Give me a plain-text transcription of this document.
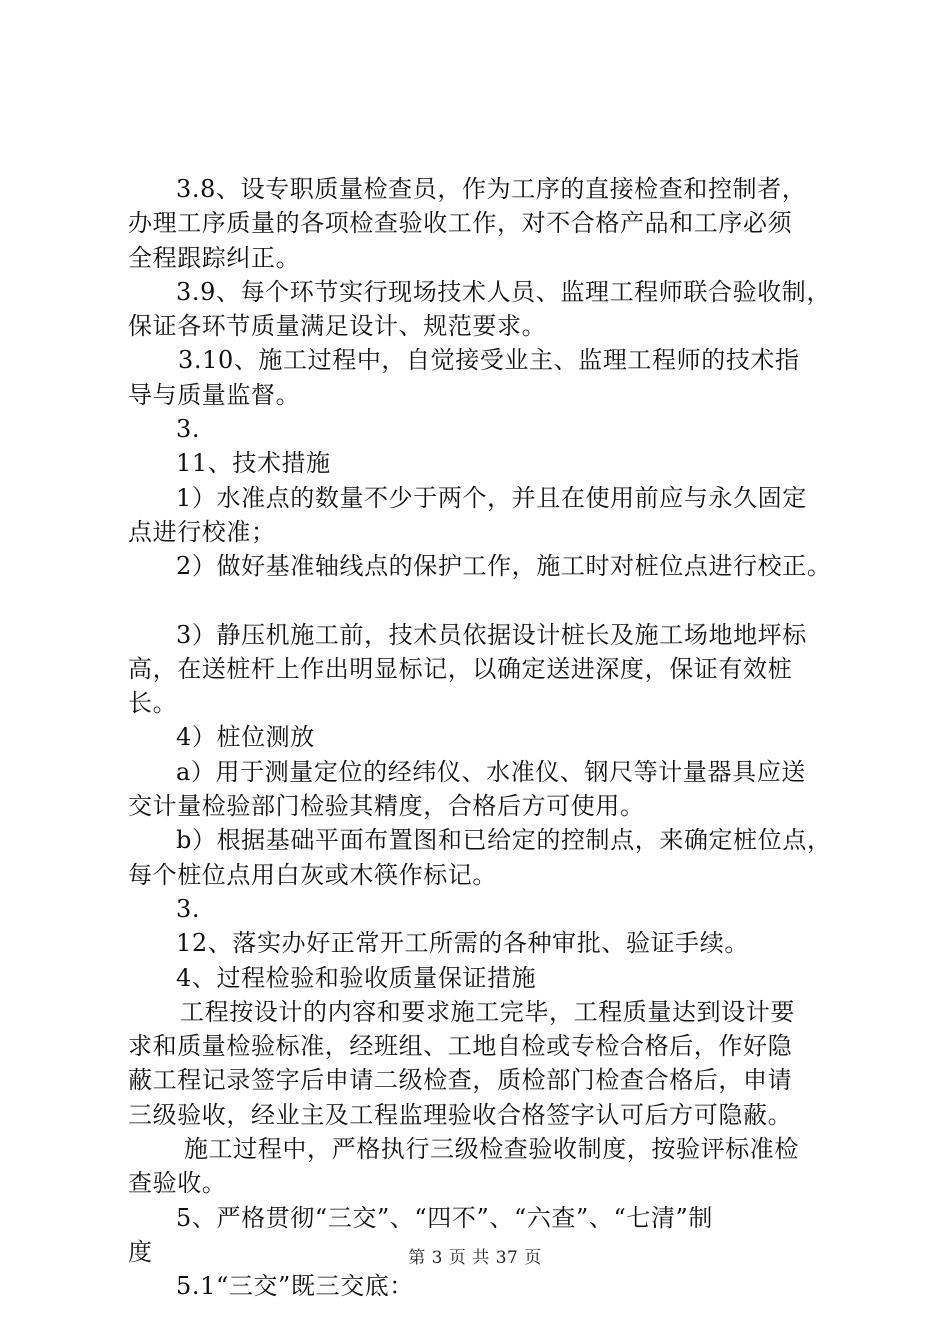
3.8、设专职质量检查员，作为工序的直接检查和控制者，
办理工序质量的各项检查验收工作，对不合格产品和工序必须
全程跟踪纠正。
3.9、每个环节实行现场技术人员、监理工程师联合验收制，
保证各环节质量满足设计、规范要求。
3.10、施工过程中，自觉接受业主、监理工程师的技术指
导与质量监督。
3.
11、技术措施
1）水准点的数量不少于两个，并且在使用前应与永久固定
点进行校准；
2）做好基准轴线点的保护工作，施工时对桩位点进行校正。
3）静压机施工前，技术员依据设计桩长及施工场地地坪标
高，在送桩杆上作出明显标记，以确定送进深度，保证有效桩
长。
4）桩位测放
a）用于测量定位的经纬仪、水准仪、钢尺等计量器具应送
交计量检验部门检验其精度，合格后方可使用。
b）根据基础平面布置图和已给定的控制点，来确定桩位点，
每个桩位点用白灰或木筷作标记。
3.
12、落实办好正常开工所需的各种审批、验证手续。
4、过程检验和验收质量保证措施
工程按设计的内容和要求施工完毕，工程质量达到设计要
求和质量检验标准，经班组、工地自检或专检合格后，作好隐
蔽工程记录签字后申请二级检查，质检部门检查合格后，申请
三级验收，经业主及工程监理验收合格签字认可后方可隐蔽。
施工过程中，严格执行三级检查验收制度，按验评标准检
查验收。
5、严格贯彻“三交”、“四不”、“六查”、“七清”制
度
5.1“三交”既三交底：
第 3 页 共 37 页
